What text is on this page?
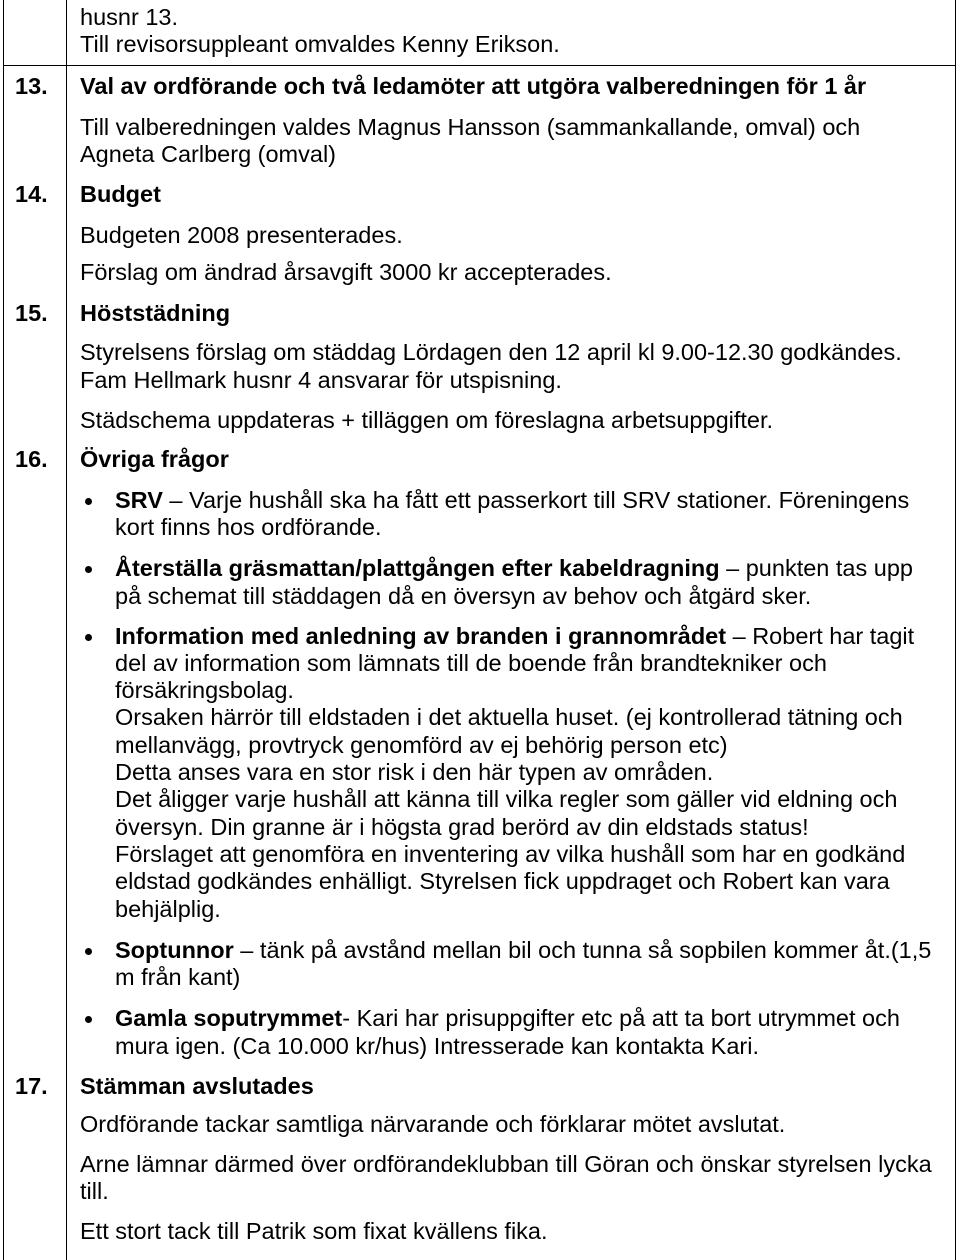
husnr 13.
Till revisorsuppleant omvaldes Kenny Erikson.
13. Val av ordförande och två ledamöter att utgöra valberedningen för 1 år
Till valberedningen valdes Magnus Hansson (sammankallande, omval) och
Agneta Carlberg (omval)
14. Budget
Budgeten 2008 presenterades.
Förslag om ändrad årsavgift 3000 kr accepterades.
15. Höststädning
Styrelsens förslag om städdag Lördagen den 12 april kl 9.00-12.30 godkändes.
Fam Hellmark husnr 4 ansvarar för utspisning.
Städschema uppdateras + tilläggen om föreslagna arbetsuppgifter.
16. Övriga frågor
SRV – Varje hushåll ska ha fått ett passerkort till SRV stationer. Föreningens
kort finns hos ordförande.
Återställa gräsmattan/plattgången efter kabeldragning – punkten tas upp
på schemat till städdagen då en översyn av behov och åtgärd sker.
Information med anledning av branden i grannområdet – Robert har tagit
del av information som lämnats till de boende från brandtekniker och
försäkringsbolag.
Orsaken härrör till eldstaden i det aktuella huset. (ej kontrollerad tätning och
mellanvägg, provtryck genomförd av ej behörig person etc)
Detta anses vara en stor risk i den här typen av områden.
Det åligger varje hushåll att känna till vilka regler som gäller vid eldning och
översyn. Din granne är i högsta grad berörd av din eldstads status!
Förslaget att genomföra en inventering av vilka hushåll som har en godkänd
eldstad godkändes enhälligt. Styrelsen fick uppdraget och Robert kan vara
behjälplig.
Soptunnor – tänk på avstånd mellan bil och tunna så sopbilen kommer åt.(1,5
m från kant)
Gamla soputrymmet- Kari har prisuppgifter etc på att ta bort utrymmet och
mura igen. (Ca 10.000 kr/hus) Intresserade kan kontakta Kari.
17. Stämman avslutades
Ordförande tackar samtliga närvarande och förklarar mötet avslutat.
Arne lämnar därmed över ordförandeklubban till Göran och önskar styrelsen lycka
till.
Ett stort tack till Patrik som fixat kvällens fika.
